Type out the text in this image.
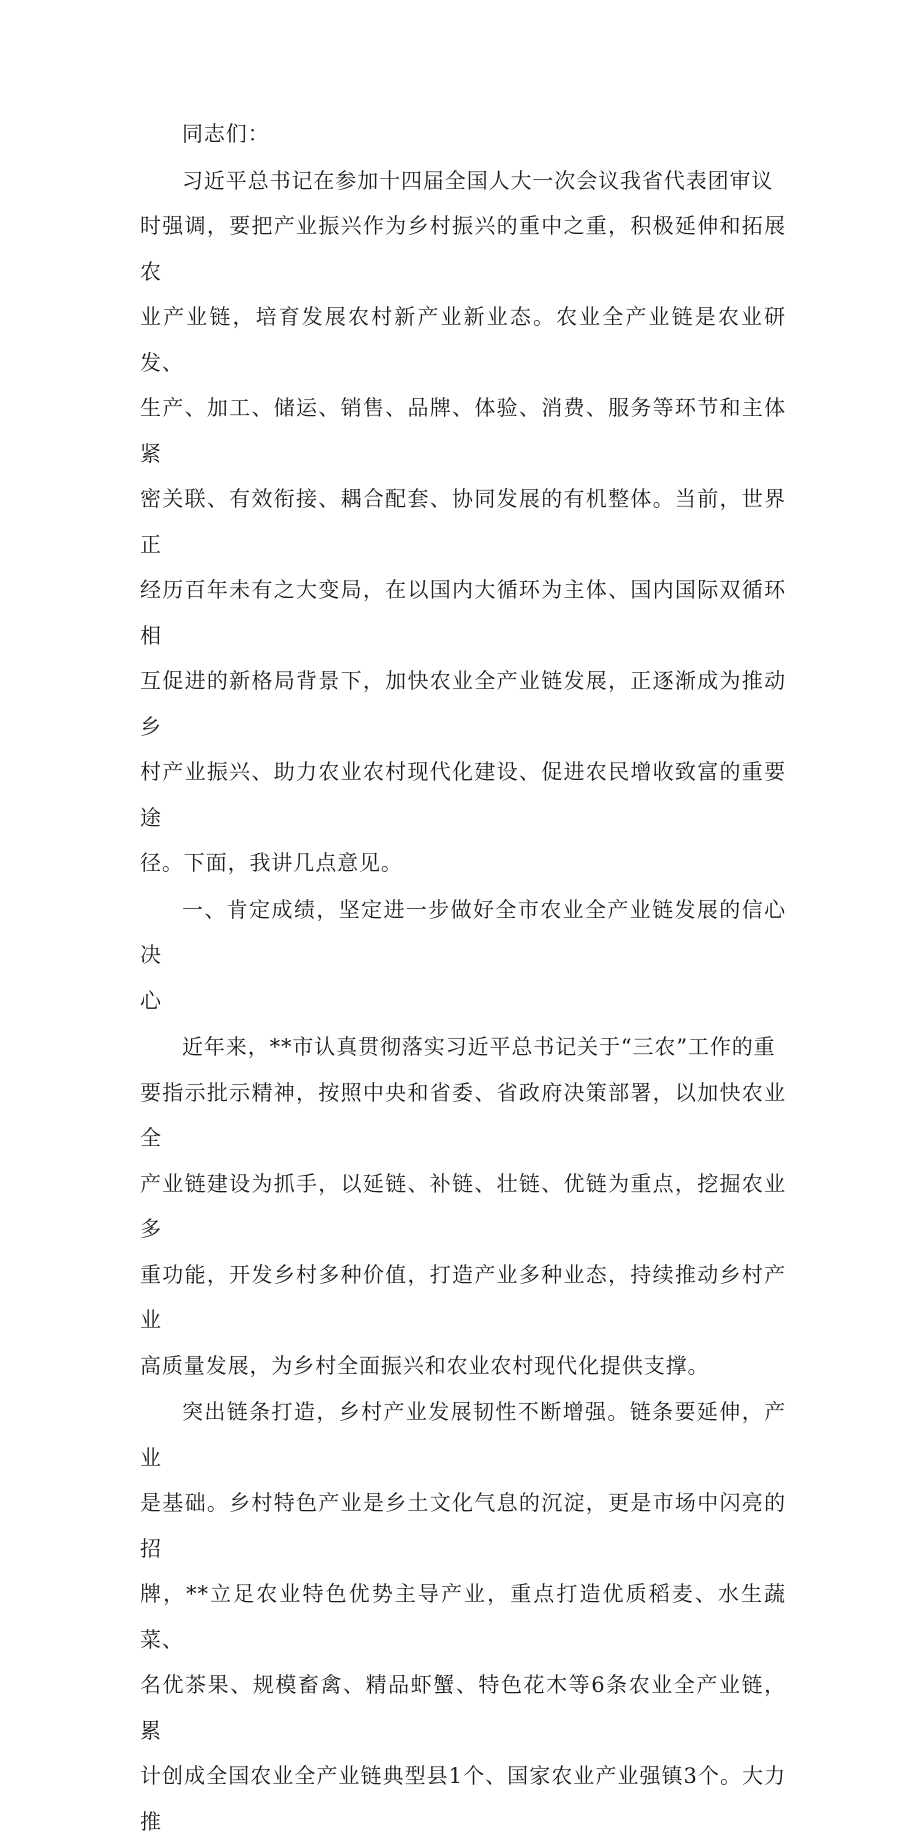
同志们：

习近平总书记在参加十四届全国人大一次会议我省代表团审议
时强调，要把产业振兴作为乡村振兴的重中之重，积极延伸和拓展农
业产业链，培育发展农村新产业新业态。农业全产业链是农业研发、
生产、加工、储运、销售、品牌、体验、消费、服务等环节和主体紧
密关联、有效衔接、耦合配套、协同发展的有机整体。当前，世界正
经历百年未有之大变局，在以国内大循环为主体、国内国际双循环相
互促进的新格局背景下，加快农业全产业链发展，正逐渐成为推动乡
村产业振兴、助力农业农村现代化建设、促进农民增收致富的重要途
径。下面，我讲几点意见。

一、肯定成绩，坚定进一步做好全市农业全产业链发展的信心决
心

近年来，**市认真贯彻落实习近平总书记关于“三农”工作的重
要指示批示精神，按照中央和省委、省政府决策部署，以加快农业全
产业链建设为抓手，以延链、补链、壮链、优链为重点，挖掘农业多
重功能，开发乡村多种价值，打造产业多种业态，持续推动乡村产业
高质量发展，为乡村全面振兴和农业农村现代化提供支撑。

突出链条打造，乡村产业发展韧性不断增强。链条要延伸，产业
是基础。乡村特色产业是乡土文化气息的沉淀，更是市场中闪亮的招
牌，**立足农业特色优势主导产业，重点打造优质稻麦、水生蔬菜、
名优茶果、规模畜禽、精品虾蟹、特色花木等6条农业全产业链，累
计创成全国农业全产业链典型县1个、国家农业产业强镇3个。大力推
